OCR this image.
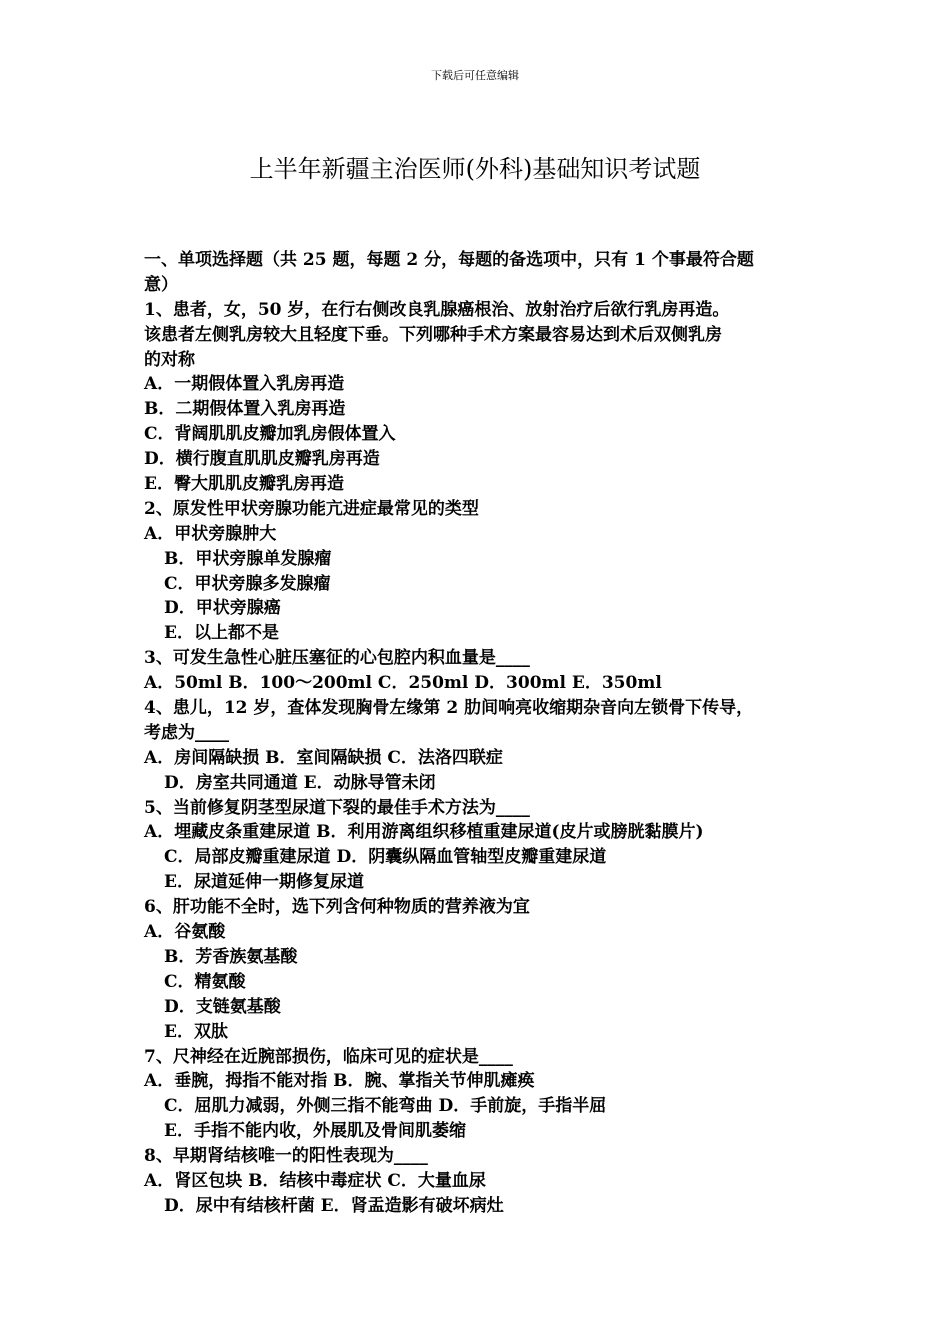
下载后可任意编辑
上半年新疆主治医师(外科)基础知识考试题
一、单项选择题（共 25 题，每题 2 分，每题的备选项中，只有 1 个事最符合题
意）
1、患者，女，50 岁，在行右侧改良乳腺癌根治、放射治疗后欲行乳房再造。
该患者左侧乳房较大且轻度下垂。下列哪种手术方案最容易达到术后双侧乳房
的对称
A．一期假体置入乳房再造
B．二期假体置入乳房再造
C．背阔肌肌皮瓣加乳房假体置入
D．横行腹直肌肌皮瓣乳房再造
E．臀大肌肌皮瓣乳房再造
2、原发性甲状旁腺功能亢进症最常见的类型
A．甲状旁腺肿大
B．甲状旁腺单发腺瘤
C．甲状旁腺多发腺瘤
D．甲状旁腺癌
E．以上都不是
3、可发生急性心脏压塞征的心包腔内积血量是____
A．50ml B．100～200ml C．250ml D．300ml E．350ml
4、患儿，12 岁，查体发现胸骨左缘第 2 肋间响亮收缩期杂音向左锁骨下传导，
考虑为____
A．房间隔缺损 B．室间隔缺损 C．法洛四联症
D．房室共同通道 E．动脉导管未闭
5、当前修复阴茎型尿道下裂的最佳手术方法为____
A．埋藏皮条重建尿道 B．利用游离组织移植重建尿道(皮片或膀胱黏膜片)
C．局部皮瓣重建尿道 D．阴囊纵隔血管轴型皮瓣重建尿道
E．尿道延伸一期修复尿道
6、肝功能不全时，选下列含何种物质的营养液为宜
A．谷氨酸
B．芳香族氨基酸
C．精氨酸
D．支链氨基酸
E．双肽
7、尺神经在近腕部损伤，临床可见的症状是____
A．垂腕，拇指不能对指 B．腕、掌指关节伸肌瘫痪
C．屈肌力减弱，外侧三指不能弯曲 D．手前旋，手指半屈
E．手指不能内收，外展肌及骨间肌萎缩
8、早期肾结核唯一的阳性表现为____
A．肾区包块 B．结核中毒症状 C．大量血尿
D．尿中有结核杆菌 E．肾盂造影有破坏病灶
